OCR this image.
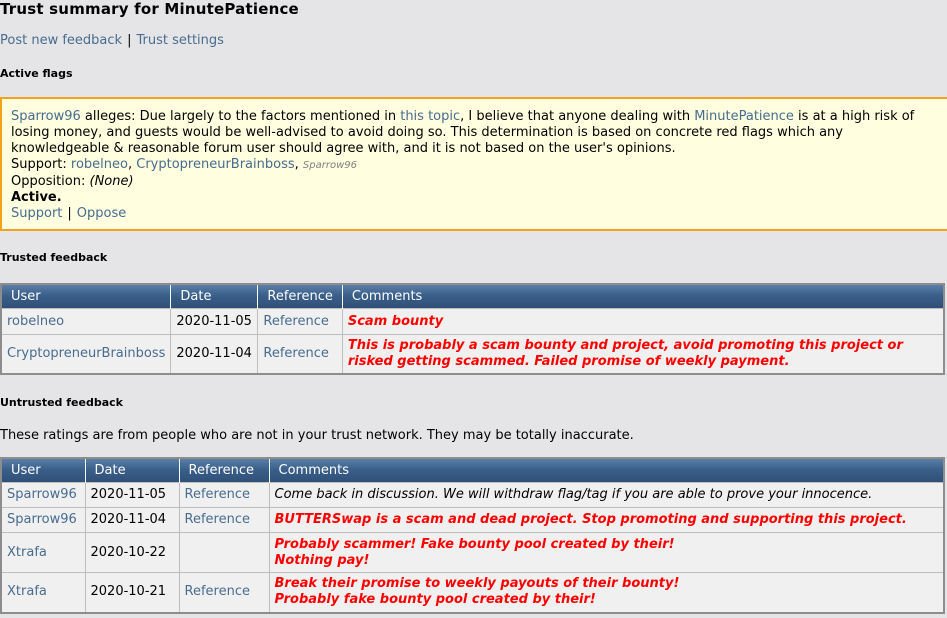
Trust summary for MinutePatience
Post new feedback | Trust settings
Active flags
Sparrow96 alleges: Due largely to the factors mentioned in this topic, I believe that anyone dealing with MinutePatience is at a high risk of losing money, and guests would be well-advised to avoid doing so. This determination is based on concrete red flags which any knowledgeable & reasonable forum user should agree with, and it is not based on the user's opinions.
Support: robelneo, CryptopreneurBrainboss, Sparrow96
Opposition: (None)
Active.
Support | Oppose
Trusted feedback
User	Date	Reference	Comments
robelneo	2020-11-05	Reference	Scam bounty
CryptopreneurBrainboss	2020-11-04	Reference	This is probably a scam bounty and project, avoid promoting this project or risked getting scammed. Failed promise of weekly payment.
Untrusted feedback
These ratings are from people who are not in your trust network. They may be totally inaccurate.
User	Date	Reference	Comments
Sparrow96	2020-11-05	Reference	Come back in discussion. We will withdraw flag/tag if you are able to prove your innocence.
Sparrow96	2020-11-04	Reference	BUTTERSwap is a scam and dead project. Stop promoting and supporting this project.
Xtrafa	2020-10-22		Probably scammer! Fake bounty pool created by their!
Nothing pay!

Xtrafa	2020-10-21	Reference	Break their promise to weekly payouts of their bounty!
Probably fake bounty pool created by their!
